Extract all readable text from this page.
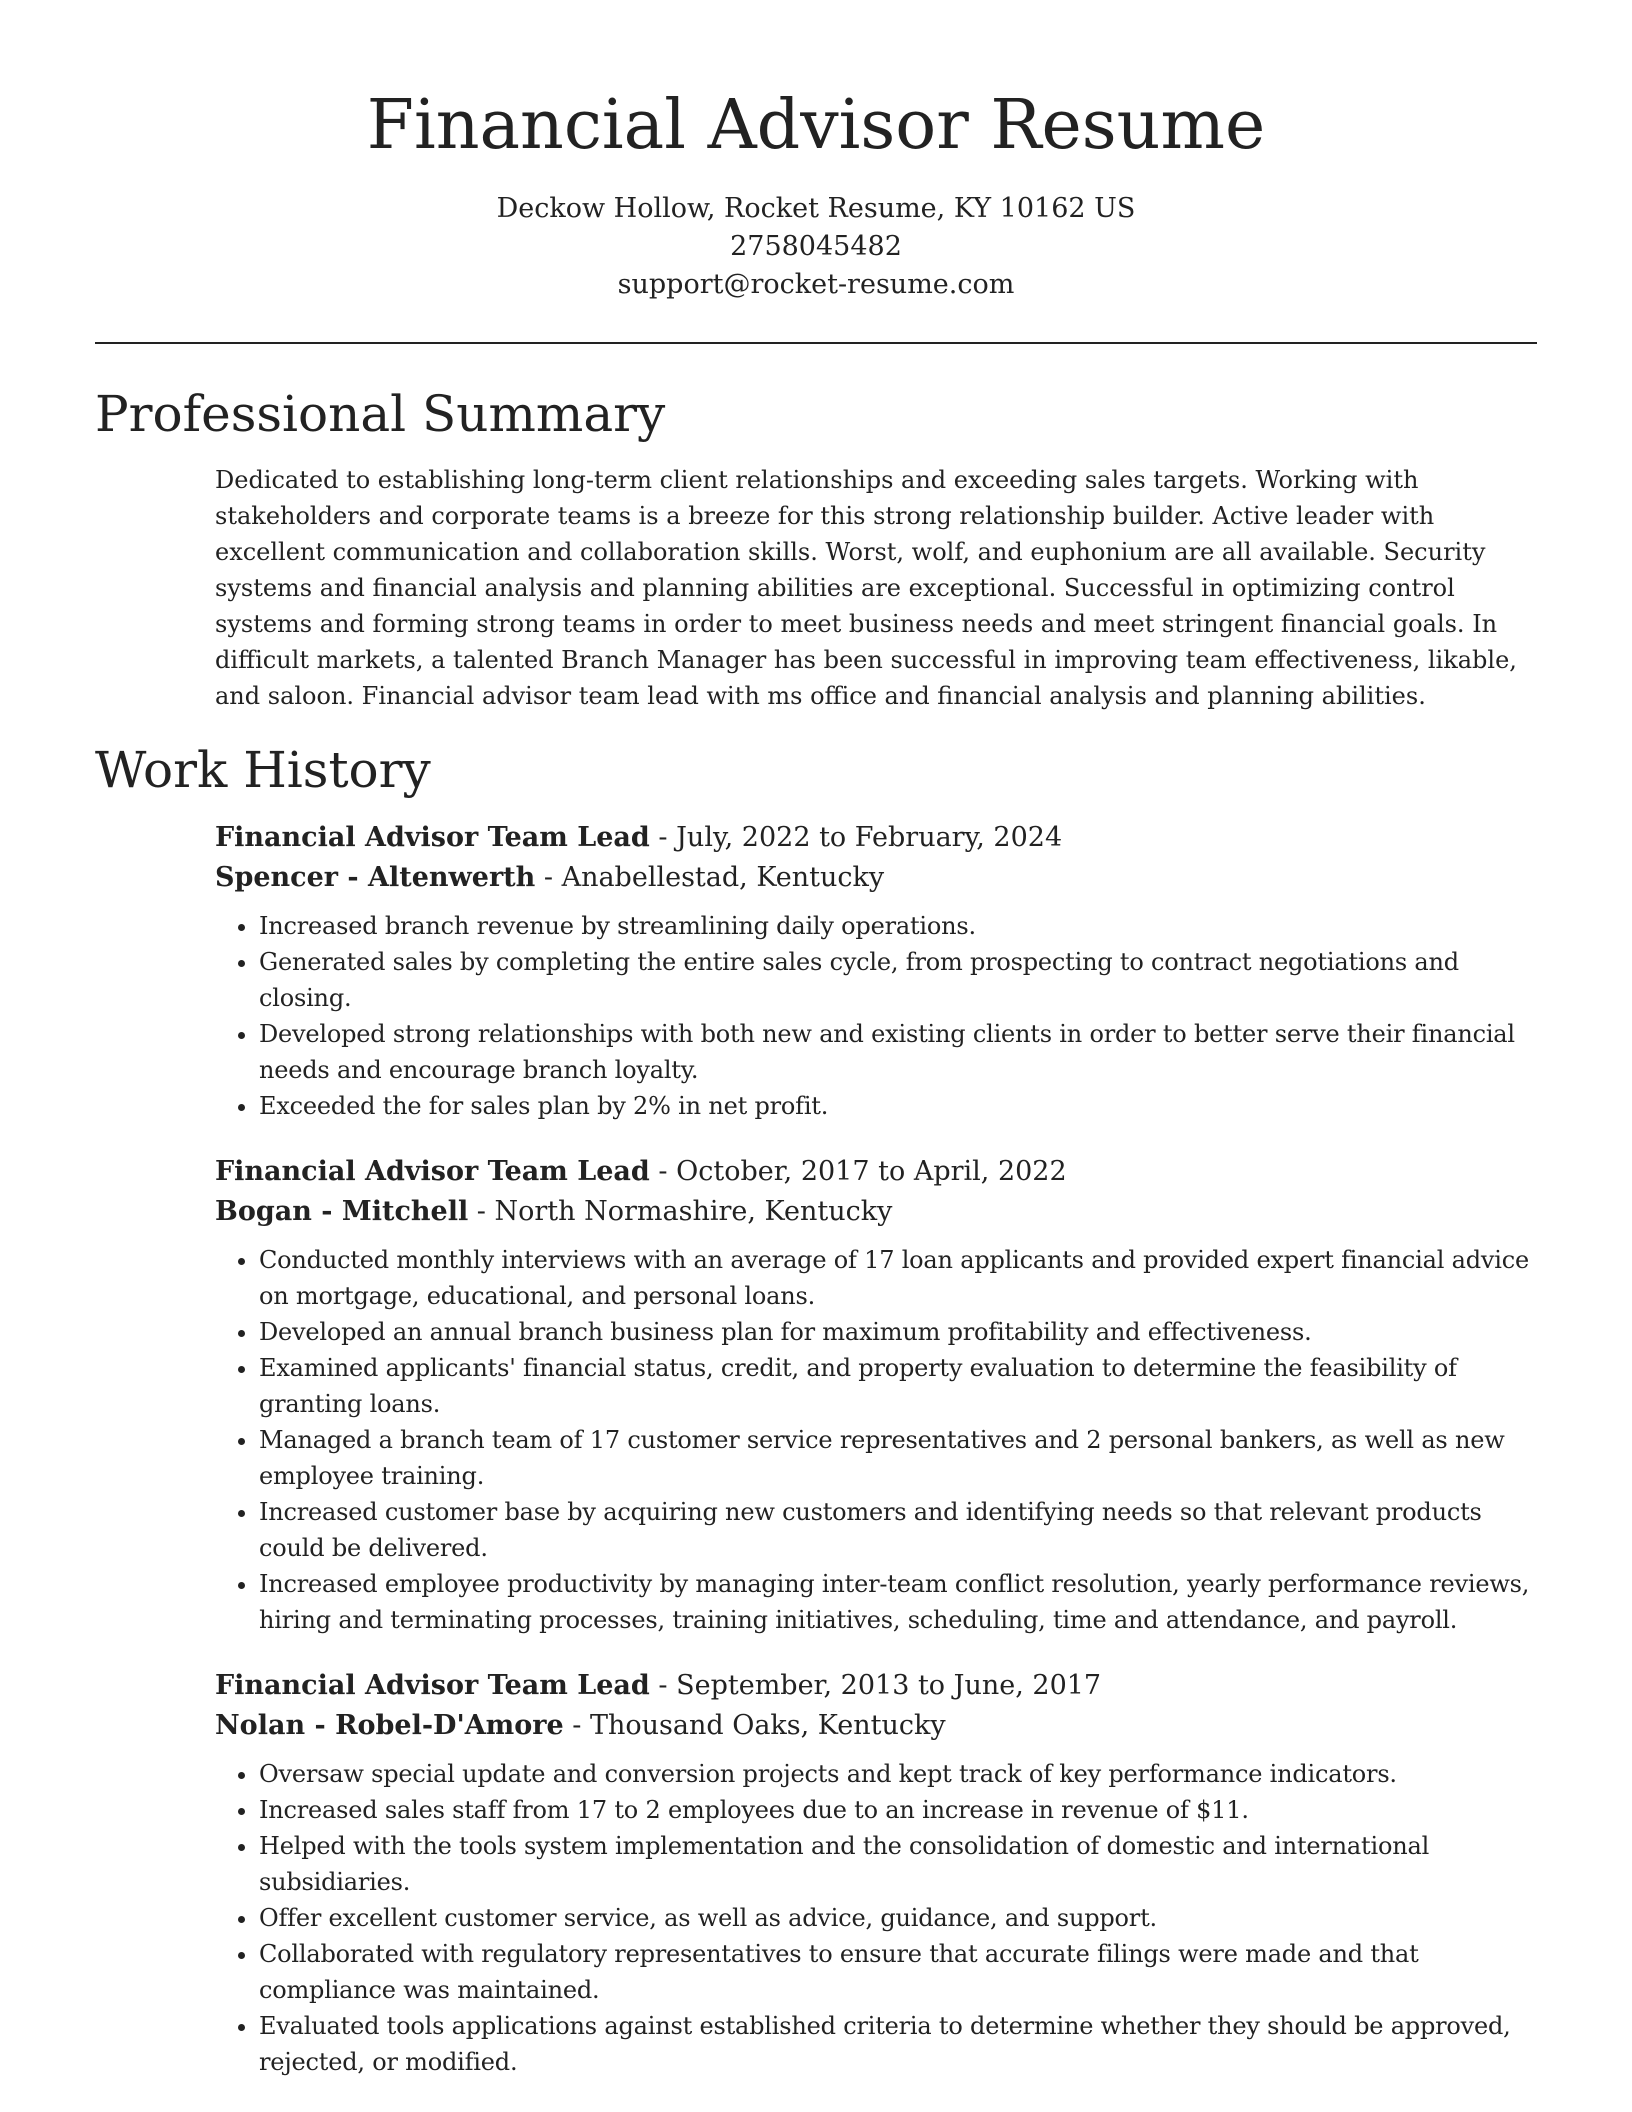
Financial Advisor Resume
Deckow Hollow, Rocket Resume, KY 10162 US
2758045482
support@rocket-resume.com
Professional Summary

Dedicated to establishing long-term client relationships and exceeding sales targets. Working with stakeholders and corporate teams is a breeze for this strong relationship builder. Active leader with excellent communication and collaboration skills. Worst, wolf, and euphonium are all available. Security systems and financial analysis and planning abilities are exceptional. Successful in optimizing control systems and forming strong teams in order to meet business needs and meet stringent financial goals. In difficult markets, a talented Branch Manager has been successful in improving team effectiveness, likable, and saloon. Financial advisor team lead with ms office and financial analysis and planning abilities.

Work History
Financial Advisor Team Lead - July, 2022 to February, 2024
Spencer - Altenwerth - Anabellestad, Kentucky
• Increased branch revenue by streamlining daily operations.
• Generated sales by completing the entire sales cycle, from prospecting to contract negotiations and closing.
• Developed strong relationships with both new and existing clients in order to better serve their financial needs and encourage branch loyalty.
• Exceeded the for sales plan by 2% in net profit.
Financial Advisor Team Lead - October, 2017 to April, 2022
Bogan - Mitchell - North Normashire, Kentucky
• Conducted monthly interviews with an average of 17 loan applicants and provided expert financial advice on mortgage, educational, and personal loans.
• Developed an annual branch business plan for maximum profitability and effectiveness.
• Examined applicants' financial status, credit, and property evaluation to determine the feasibility of granting loans.
• Managed a branch team of 17 customer service representatives and 2 personal bankers, as well as new employee training.
• Increased customer base by acquiring new customers and identifying needs so that relevant products could be delivered.
• Increased employee productivity by managing inter-team conflict resolution, yearly performance reviews, hiring and terminating processes, training initiatives, scheduling, time and attendance, and payroll.
Financial Advisor Team Lead - September, 2013 to June, 2017
Nolan - Robel-D'Amore - Thousand Oaks, Kentucky
• Oversaw special update and conversion projects and kept track of key performance indicators.
• Increased sales staff from 17 to 2 employees due to an increase in revenue of $11.
• Helped with the tools system implementation and the consolidation of domestic and international subsidiaries.
• Offer excellent customer service, as well as advice, guidance, and support.
• Collaborated with regulatory representatives to ensure that accurate filings were made and that compliance was maintained.
• Evaluated tools applications against established criteria to determine whether they should be approved, rejected, or modified.
